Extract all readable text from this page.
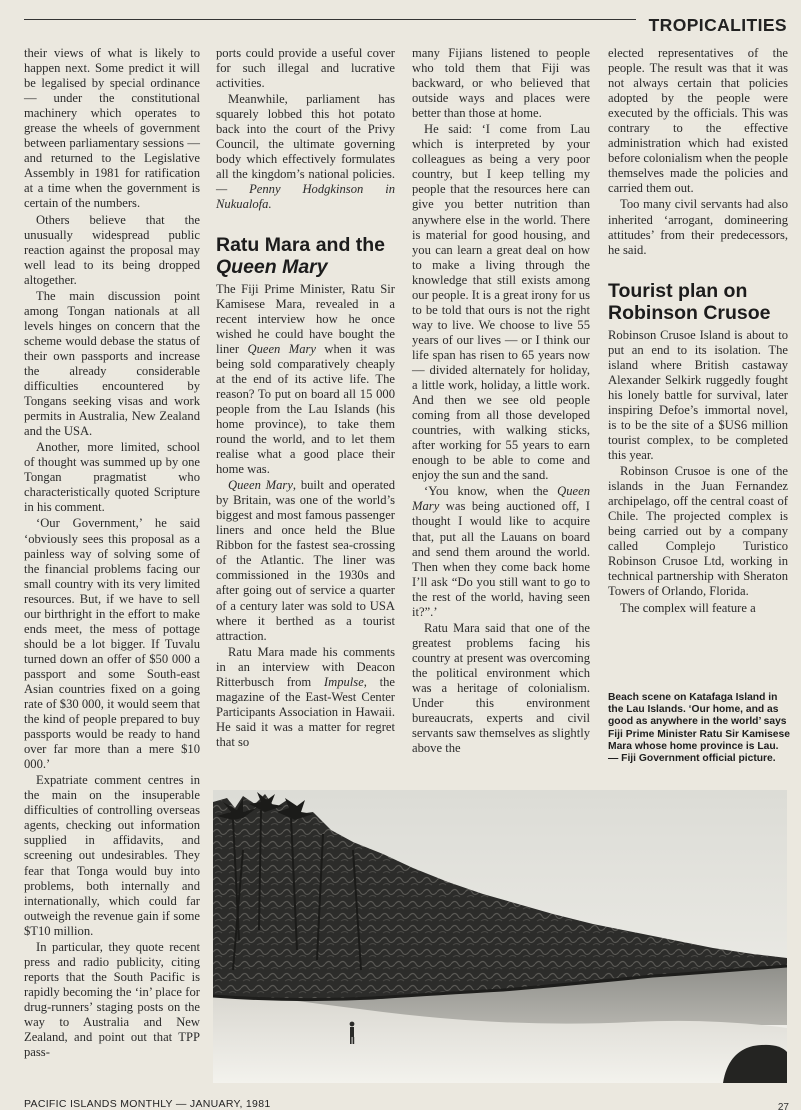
TROPICALITIES

their views of what is likely to happen next. Some predict it will be legalised by special ordinance — under the constitutional machinery which operates to grease the wheels of government between parliamentary sessions — and returned to the Legislative Assembly in 1981 for ratification at a time when the government is certain of the numbers.

Others believe that the unusually widespread public reaction against the proposal may well lead to its being dropped altogether.

The main discussion point among Tongan nationals at all levels hinges on concern that the scheme would debase the status of their own passports and increase the already considerable difficulties encountered by Tongans seeking visas and work permits in Australia, New Zealand and the USA.

Another, more limited, school of thought was summed up by one Tongan pragmatist who characteristically quoted Scripture in his comment.

‘Our Government,’ he said ‘obviously sees this proposal as a painless way of solving some of the financial problems facing our small country with its very limited resources. But, if we have to sell our birthright in the effort to make ends meet, the mess of pottage should be a lot bigger. If Tuvalu turned down an offer of $50 000 a passport and some South-east Asian countries fixed on a going rate of $30 000, it would seem that the kind of people prepared to buy passports would be ready to hand over far more than a mere $10 000.’

Expatriate comment centres in the main on the insuperable difficulties of controlling overseas agents, checking out information supplied in affidavits, and screening out undesirables. They fear that Tonga would buy into problems, both internally and internationally, which could far outweigh the revenue gain if some $T10 million.

In particular, they quote recent press and radio publicity, citing reports that the South Pacific is rapidly becoming the ‘in’ place for drug-runners’ staging posts on the way to Australia and New Zealand, and point out that TPP pass-

ports could provide a useful cover for such illegal and lucrative activities.

Meanwhile, parliament has squarely lobbed this hot potato back into the court of the Privy Council, the ultimate governing body which effectively formulates all the kingdom’s national policies. — Penny Hodgkinson in Nukualofa.

Ratu Mara and the Queen Mary

The Fiji Prime Minister, Ratu Sir Kamisese Mara, revealed in a recent interview how he once wished he could have bought the liner Queen Mary when it was being sold comparatively cheaply at the end of its active life. The reason? To put on board all 15 000 people from the Lau Islands (his home province), to take them round the world, and to let them realise what a good place their home was.

Queen Mary, built and operated by Britain, was one of the world’s biggest and most famous passenger liners and once held the Blue Ribbon for the fastest sea-crossing of the Atlantic. The liner was commissioned in the 1930s and after going out of service a quarter of a century later was sold to USA where it berthed as a tourist attraction.

Ratu Mara made his comments in an interview with Deacon Ritterbusch from Impulse, the magazine of the East-West Center Participants Association in Hawaii. He said it was a matter for regret that so

many Fijians listened to people who told them that Fiji was backward, or who believed that outside ways and places were better than those at home.

He said: ‘I come from Lau which is interpreted by your colleagues as being a very poor country, but I keep telling my people that the resources here can give you better nutrition than anywhere else in the world. There is material for good housing, and you can learn a great deal on how to make a living through the knowledge that still exists among our people. It is a great irony for us to be told that ours is not the right way to live. We choose to live 55 years of our lives — or I think our life span has risen to 65 years now — divided alternately for holiday, a little work, holiday, a little work. And then we see old people coming from all those developed countries, with walking sticks, after working for 55 years to earn enough to be able to come and enjoy the sun and the sand.

‘You know, when the Queen Mary was being auctioned off, I thought I would like to acquire that, put all the Lauans on board and send them around the world. Then when they come back home I’ll ask “Do you still want to go to the rest of the world, having seen it?”.’

Ratu Mara said that one of the greatest problems facing his country at present was overcoming the political environment which was a heritage of colonialism. Under this environment bureaucrats, experts and civil servants saw themselves as slightly above the

elected representatives of the people. The result was that it was not always certain that policies adopted by the people were executed by the officials. This was contrary to the effective administration which had existed before colonialism when the people themselves made the policies and carried them out.

Too many civil servants had also inherited ‘arrogant, domineering attitudes’ from their predecessors, he said.

Tourist plan on Robinson Crusoe

Robinson Crusoe Island is about to put an end to its isolation. The island where British castaway Alexander Selkirk ruggedly fought his lonely battle for survival, later inspiring Defoe’s immortal novel, is to be the site of a $US6 million tourist complex, to be completed this year.

Robinson Crusoe is one of the islands in the Juan Fernandez archipelago, off the central coast of Chile. The projected complex is being carried out by a company called Complejo Turistico Robinson Crusoe Ltd, working in technical partnership with Sheraton Towers of Orlando, Florida.

The complex will feature a

Beach scene on Katafaga Island in the Lau Islands. ‘Our home, and as good as anywhere in the world’ says Fiji Prime Minister Ratu Sir Kamisese Mara whose home province is Lau. — Fiji Government official picture.
PACIFIC ISLANDS MONTHLY — JANUARY, 1981	27
